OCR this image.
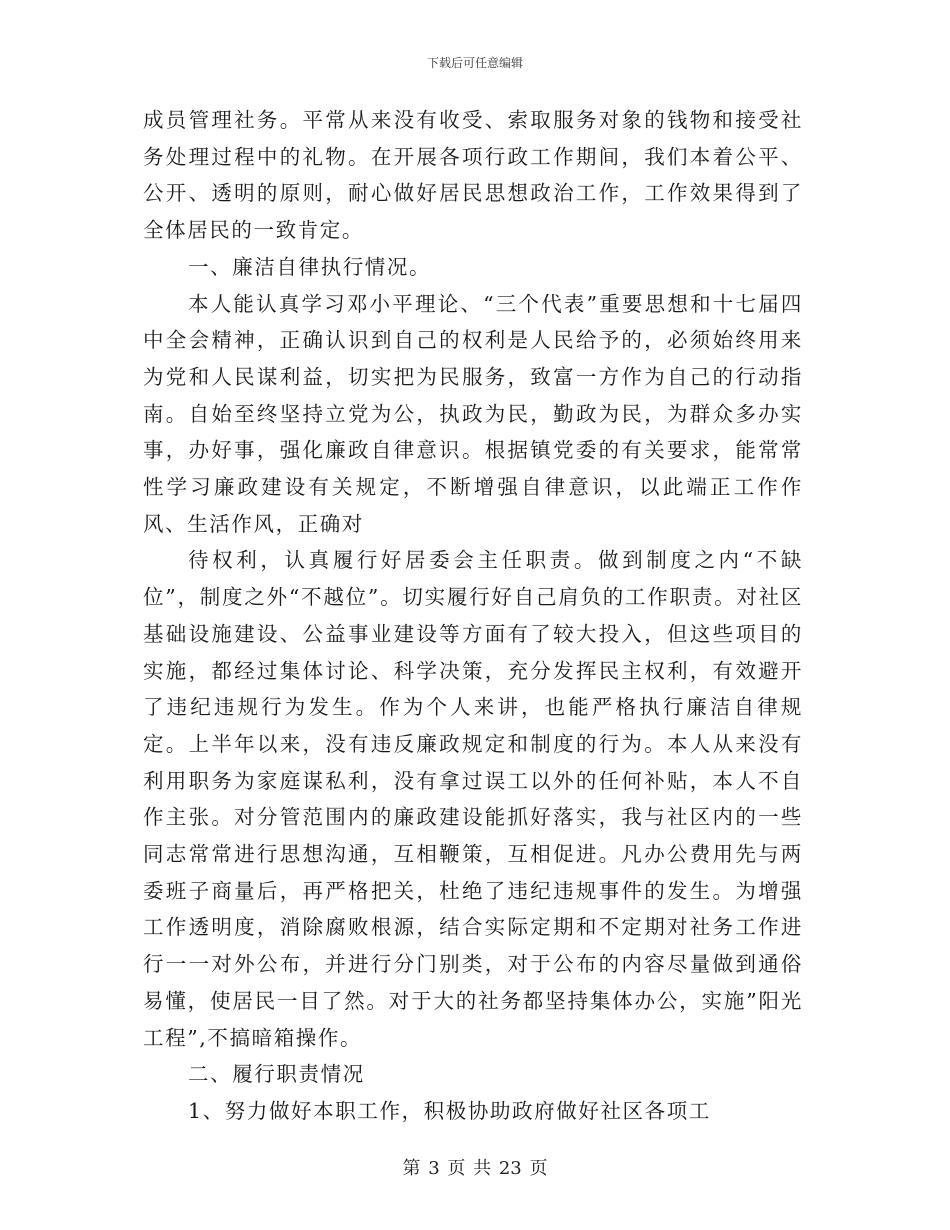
下载后可任意编辑

成员管理社务。平常从来没有收受、索取服务对象的钱物和接受社务处理过程中的礼物。在开展各项行政工作期间，我们本着公平、公开、透明的原则，耐心做好居民思想政治工作，工作效果得到了全体居民的一致肯定。

一、廉洁自律执行情况。

本人能认真学习邓小平理论、“三个代表”重要思想和十七届四中全会精神，正确认识到自己的权利是人民给予的，必须始终用来为党和人民谋利益，切实把为民服务，致富一方作为自己的行动指南。自始至终坚持立党为公，执政为民，勤政为民，为群众多办实事，办好事，强化廉政自律意识。根据镇党委的有关要求，能常常性学习廉政建设有关规定，不断增强自律意识，以此端正工作作风、生活作风，正确对

待权利，认真履行好居委会主任职责。做到制度之内“不缺位”，制度之外“不越位”。切实履行好自己肩负的工作职责。对社区基础设施建设、公益事业建设等方面有了较大投入，但这些项目的实施，都经过集体讨论、科学决策，充分发挥民主权利，有效避开了违纪违规行为发生。作为个人来讲，也能严格执行廉洁自律规定。上半年以来，没有违反廉政规定和制度的行为。本人从来没有利用职务为家庭谋私利，没有拿过误工以外的任何补贴，本人不自作主张。对分管范围内的廉政建设能抓好落实，我与社区内的一些同志常常进行思想沟通，互相鞭策，互相促进。凡办公费用先与两委班子商量后，再严格把关，杜绝了违纪违规事件的发生。为增强工作透明度，消除腐败根源，结合实际定期和不定期对社务工作进行一一对外公布，并进行分门别类，对于公布的内容尽量做到通俗易懂，使居民一目了然。对于大的社务都坚持集体办公，实施”阳光工程”,不搞暗箱操作。

二、履行职责情况

1、努力做好本职工作，积极协助政府做好社区各项工

第 3 页 共 23 页
